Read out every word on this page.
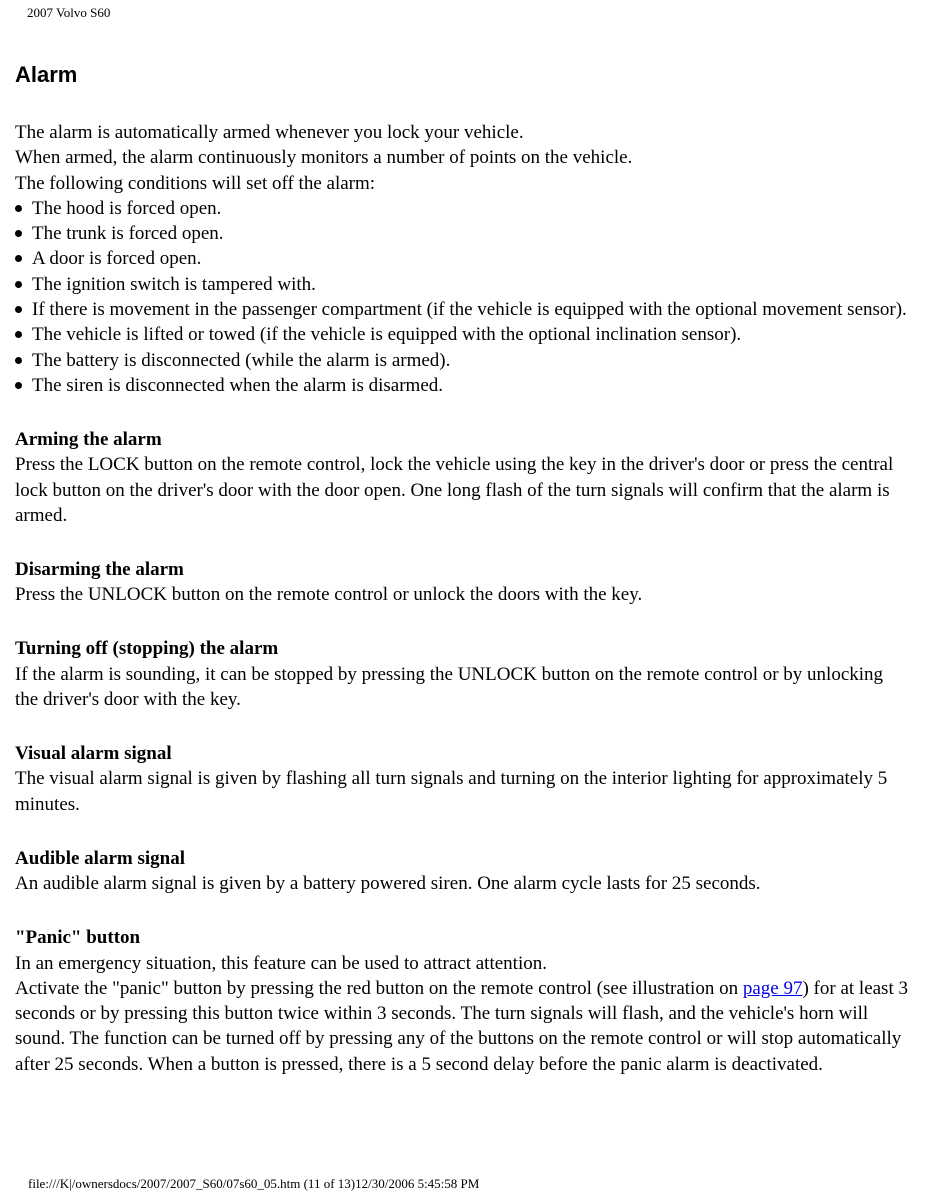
2007 Volvo S60
Alarm
The alarm is automatically armed whenever you lock your vehicle.
When armed, the alarm continuously monitors a number of points on the vehicle.
The following conditions will set off the alarm:
The hood is forced open.
The trunk is forced open.
A door is forced open.
The ignition switch is tampered with.
If there is movement in the passenger compartment (if the vehicle is equipped with the optional movement sensor).
The vehicle is lifted or towed (if the vehicle is equipped with the optional inclination sensor).
The battery is disconnected (while the alarm is armed).
The siren is disconnected when the alarm is disarmed.
Arming the alarm
Press the LOCK button on the remote control, lock the vehicle using the key in the driver's door or press the central lock button on the driver's door with the door open. One long flash of the turn signals will confirm that the alarm is armed.
Disarming the alarm
Press the UNLOCK button on the remote control or unlock the doors with the key.
Turning off (stopping) the alarm
If the alarm is sounding, it can be stopped by pressing the UNLOCK button on the remote control or by unlocking the driver's door with the key.
Visual alarm signal
The visual alarm signal is given by flashing all turn signals and turning on the interior lighting for approximately 5 minutes.
Audible alarm signal
An audible alarm signal is given by a battery powered siren. One alarm cycle lasts for 25 seconds.
"Panic" button
In an emergency situation, this feature can be used to attract attention.
Activate the "panic" button by pressing the red button on the remote control (see illustration on page 97) for at least 3 seconds or by pressing this button twice within 3 seconds. The turn signals will flash, and the vehicle's horn will sound. The function can be turned off by pressing any of the buttons on the remote control or will stop automatically after 25 seconds. When a button is pressed, there is a 5 second delay before the panic alarm is deactivated.
file:///K|/ownersdocs/2007/2007_S60/07s60_05.htm (11 of 13)12/30/2006 5:45:58 PM
